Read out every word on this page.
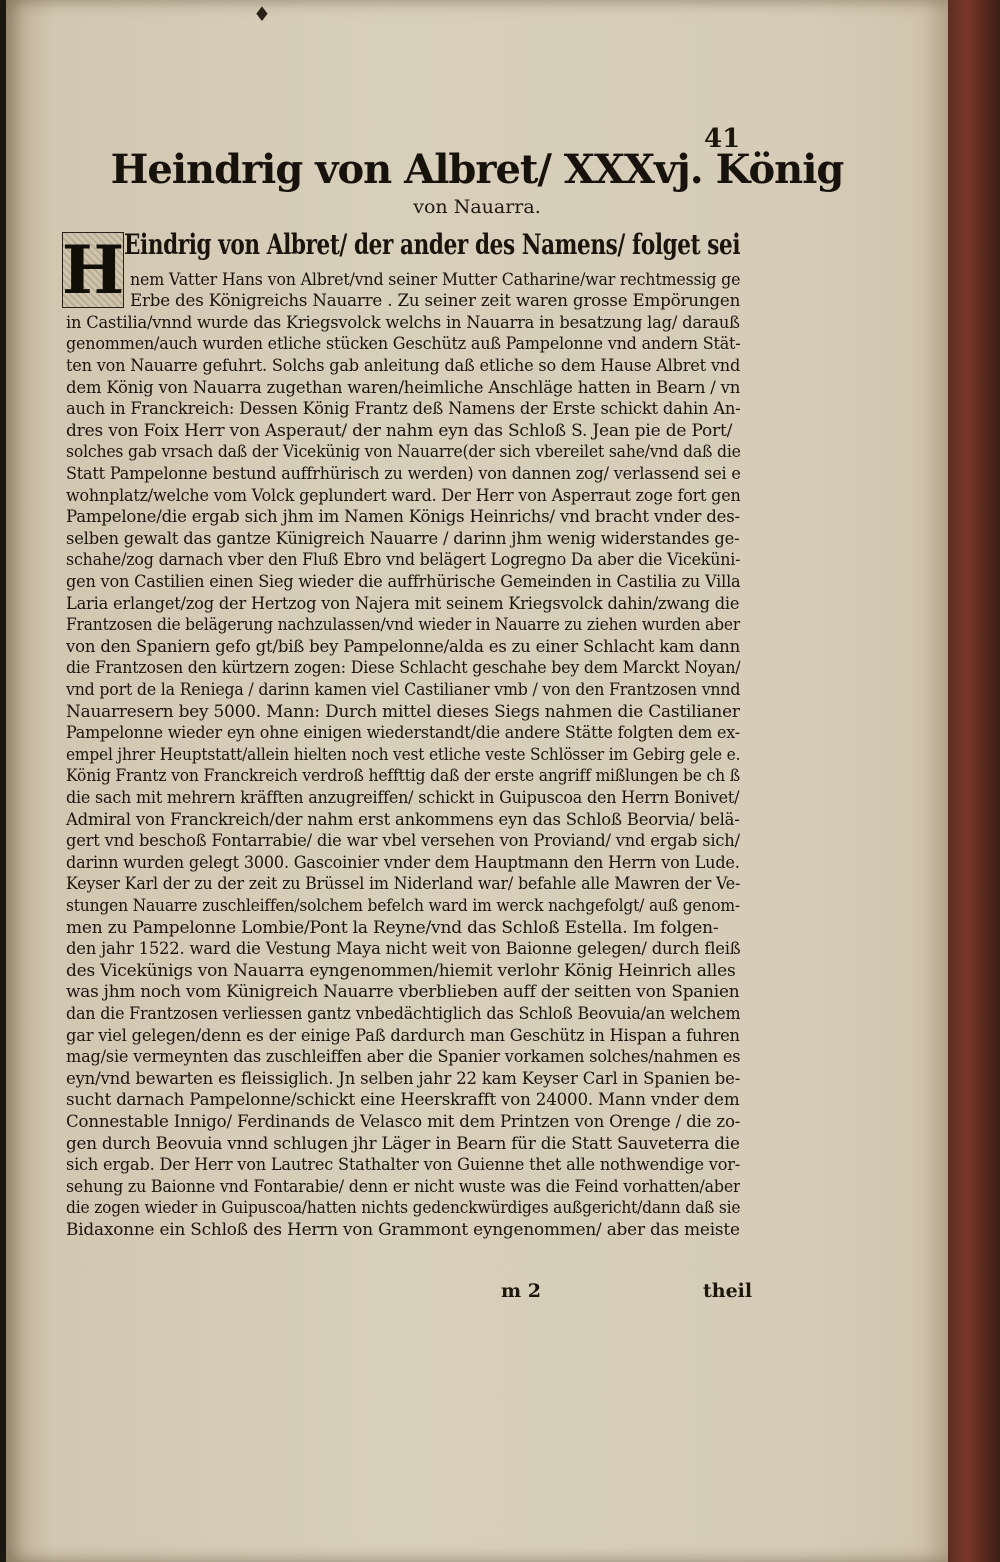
♦
41
Heindrig von Albret/ XXXvj. König
von Nauarra.
H Eindrig von Albret/ der ander des Namens/ folget sei
nem Vatter Hans von Albret/vnd seiner Mutter Catharine/war rechtmessig ge
Erbe des Königreichs Nauarre . Zu seiner zeit waren grosse Empörungen
in Castilia/vnnd wurde das Kriegsvolck welchs in Nauarra in besatzung lag/ darauß
genommen/auch wurden etliche stücken Geschütz auß Pampelonne vnd andern Stät-
ten von Nauarre gefuhrt. Solchs gab anleitung daß etliche so dem Hause Albret vnd
dem König von Nauarra zugethan waren/heimliche Anschläge hatten in Bearn / vn
auch in Franckreich: Dessen König Frantz deß Namens der Erste schickt dahin An-
dres von Foix Herr von Asperaut/ der nahm eyn das Schloß S. Jean pie de Port/
solches gab vrsach daß der Vicekünig von Nauarre(der sich vbereilet sahe/vnd daß die
Statt Pampelonne bestund auffrhürisch zu werden) von dannen zog/ verlassend sei e
wohnplatz/welche vom Volck geplundert ward. Der Herr von Asperraut zoge fort gen
Pampelone/die ergab sich jhm im Namen Königs Heinrichs/ vnd bracht vnder des-
selben gewalt das gantze Künigreich Nauarre / darinn jhm wenig widerstandes ge-
schahe/zog darnach vber den Fluß Ebro vnd belägert Logregno Da aber die Viceküni-
gen von Castilien einen Sieg wieder die auffrhürische Gemeinden in Castilia zu Villa
Laria erlanget/zog der Hertzog von Najera mit seinem Kriegsvolck dahin/zwang die
Frantzosen die belägerung nachzulassen/vnd wieder in Nauarre zu ziehen wurden aber
von den Spaniern gefo gt/biß bey Pampelonne/alda es zu einer Schlacht kam dann
die Frantzosen den kürtzern zogen: Diese Schlacht geschahe bey dem Marckt Noyan/
vnd port de la Reniega / darinn kamen viel Castilianer vmb / von den Frantzosen vnnd
Nauarresern bey 5000. Mann: Durch mittel dieses Siegs nahmen die Castilianer
Pampelonne wieder eyn ohne einigen wiederstandt/die andere Stätte folgten dem ex-
empel jhrer Heuptstatt/allein hielten noch vest etliche veste Schlösser im Gebirg gele e.
König Frantz von Franckreich verdroß heffttig daß der erste angriff mißlungen be ch ß
die sach mit mehrern kräfften anzugreiffen/ schickt in Guipuscoa den Herrn Bonivet/
Admiral von Franckreich/der nahm erst ankommens eyn das Schloß Beorvia/ belä-
gert vnd beschoß Fontarrabie/ die war vbel versehen von Proviand/ vnd ergab sich/
darinn wurden gelegt 3000. Gascoinier vnder dem Hauptmann den Herrn von Lude.
Keyser Karl der zu der zeit zu Brüssel im Niderland war/ befahle alle Mawren der Ve-
stungen Nauarre zuschleiffen/solchem befelch ward im werck nachgefolgt/ auß genom-
men zu Pampelonne Lombie/Pont la Reyne/vnd das Schloß Estella. Im folgen-
den jahr 1522. ward die Vestung Maya nicht weit von Baionne gelegen/ durch fleiß
des Vicekünigs von Nauarra eyngenommen/hiemit verlohr König Heinrich alles
was jhm noch vom Künigreich Nauarre vberblieben auff der seitten von Spanien
dan die Frantzosen verliessen gantz vnbedächtiglich das Schloß Beovuia/an welchem
gar viel gelegen/denn es der einige Paß dardurch man Geschütz in Hispan a fuhren
mag/sie vermeynten das zuschleiffen aber die Spanier vorkamen solches/nahmen es
eyn/vnd bewarten es fleissiglich. Jn selben jahr 22 kam Keyser Carl in Spanien be-
sucht darnach Pampelonne/schickt eine Heerskrafft von 24000. Mann vnder dem
Connestable Innigo/ Ferdinands de Velasco mit dem Printzen von Orenge / die zo-
gen durch Beovuia vnnd schlugen jhr Läger in Bearn für die Statt Sauveterra die
sich ergab. Der Herr von Lautrec Stathalter von Guienne thet alle nothwendige vor-
sehung zu Baionne vnd Fontarabie/ denn er nicht wuste was die Feind vorhatten/aber
die zogen wieder in Guipuscoa/hatten nichts gedenckwürdiges außgericht/dann daß sie
Bidaxonne ein Schloß des Herrn von Grammont eyngenommen/ aber das meiste
m 2	theil
